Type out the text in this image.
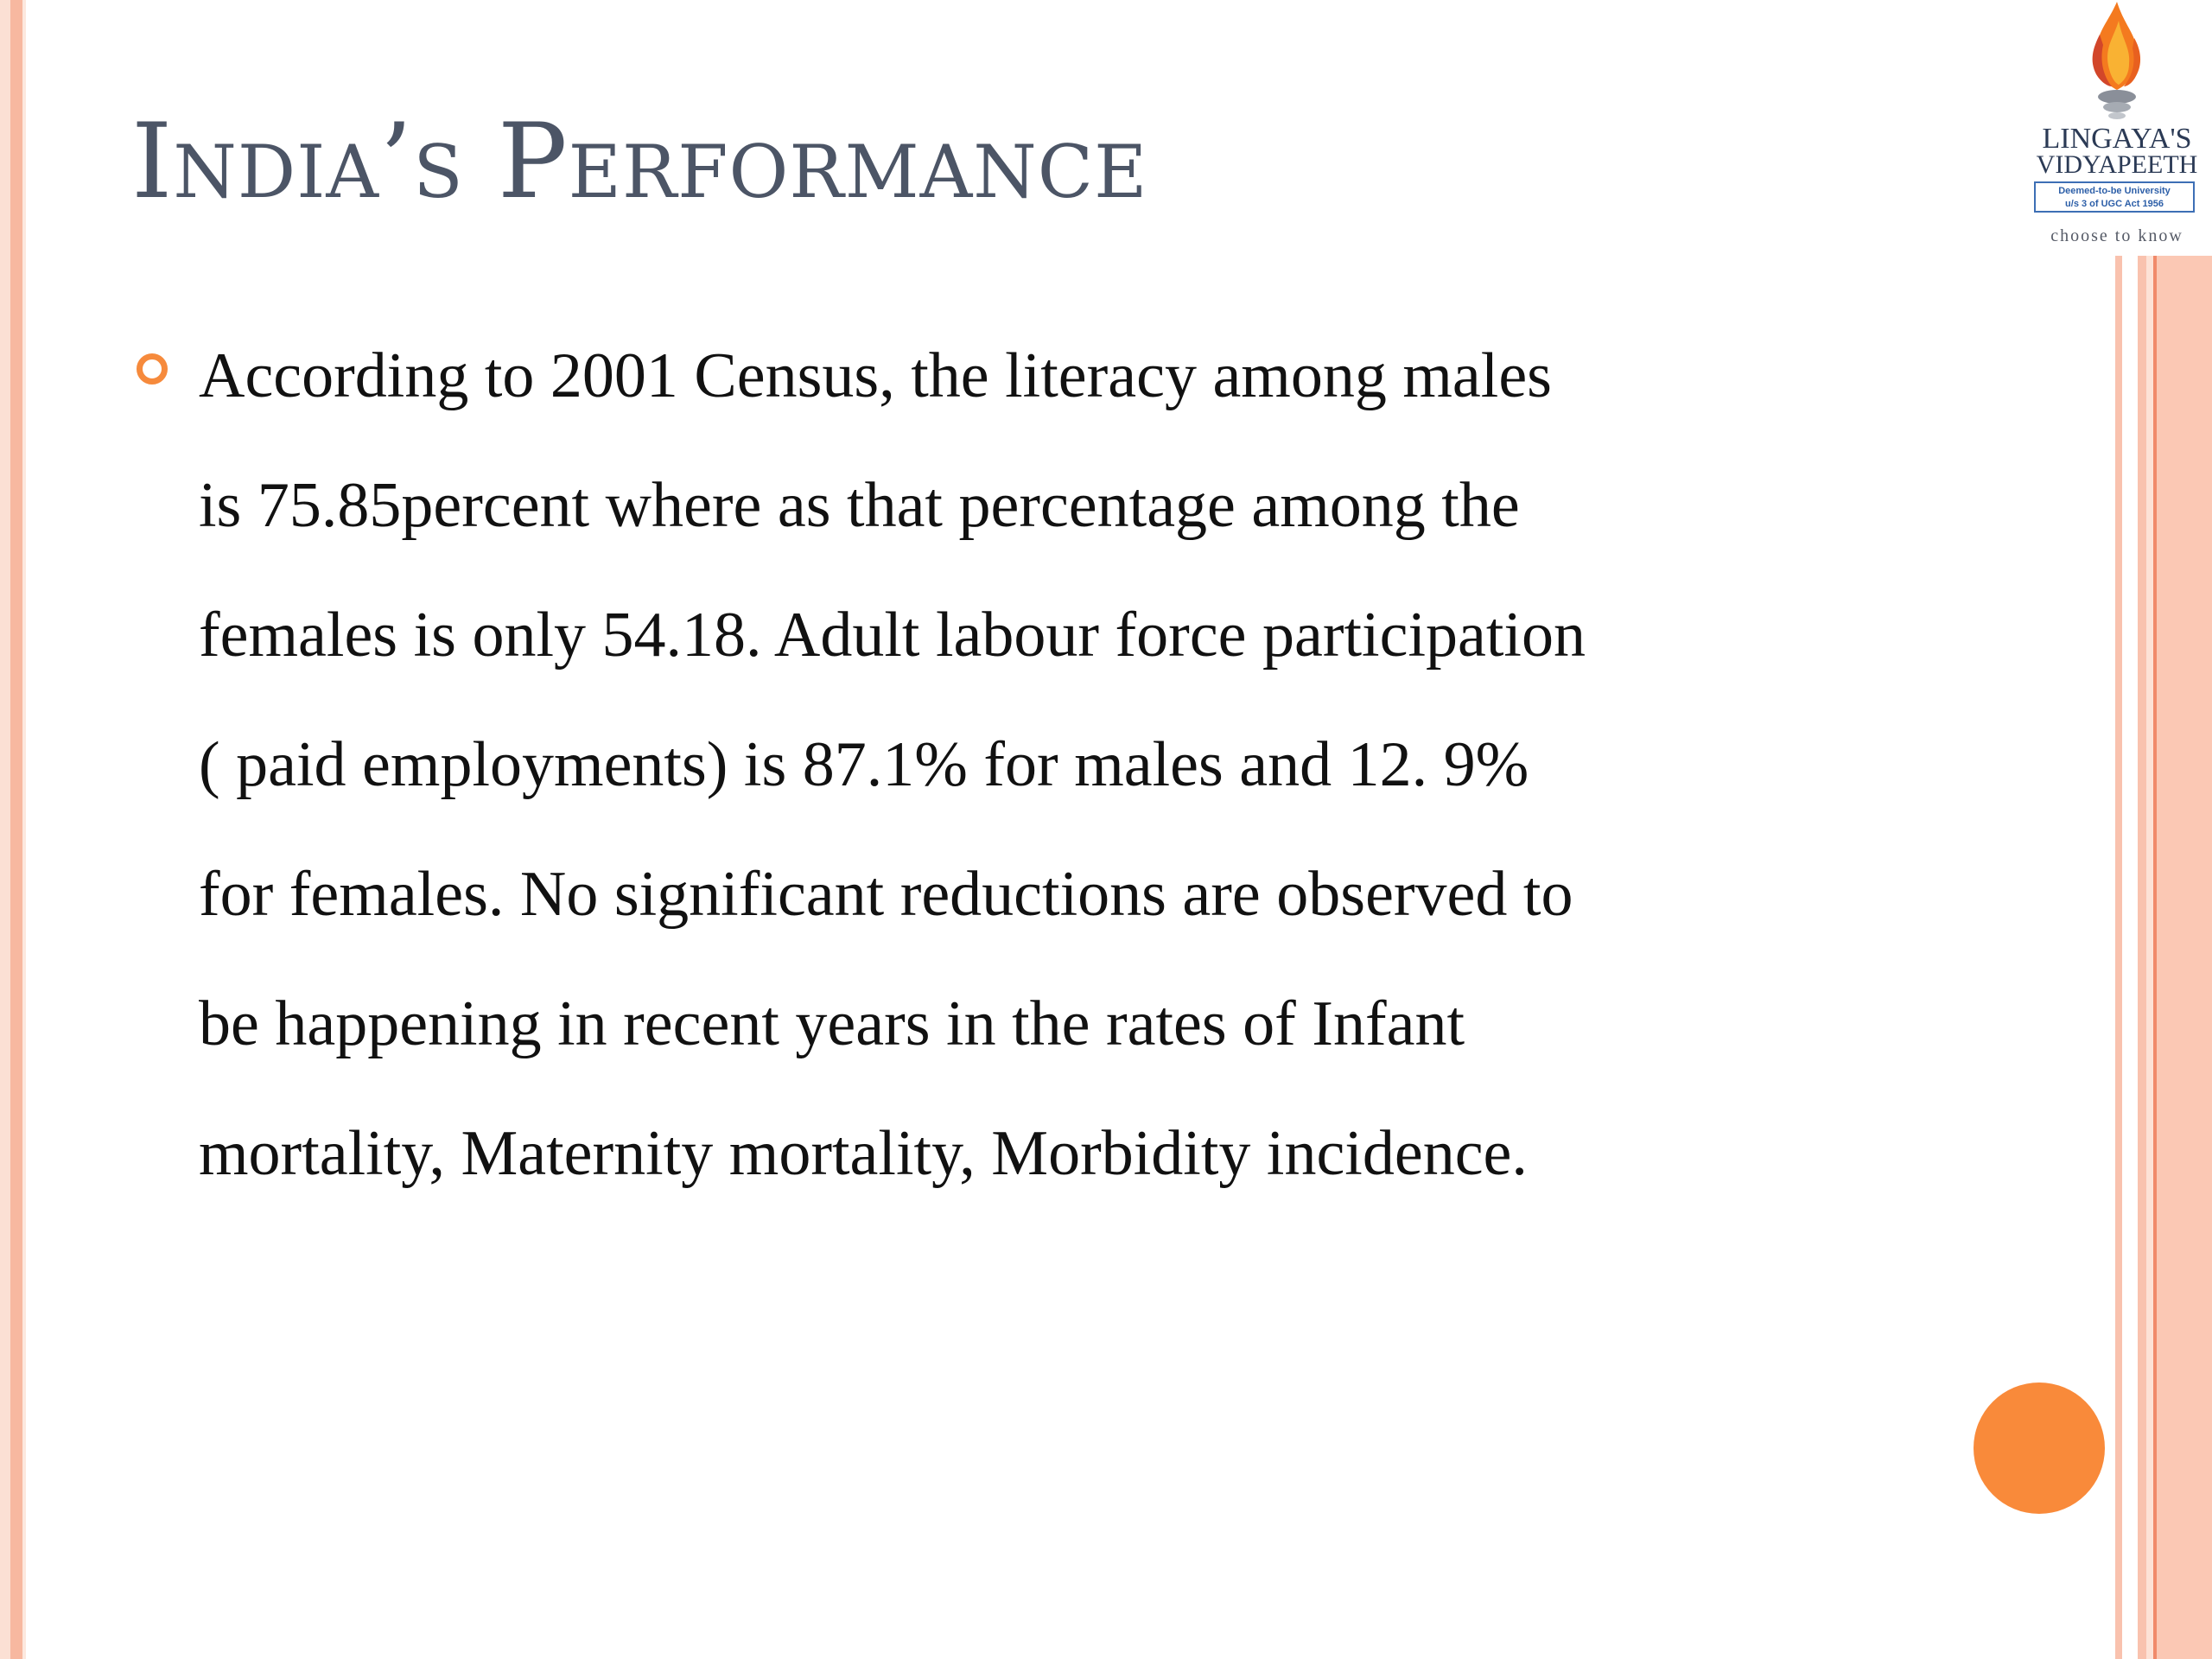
India’s Performance	LINGAYA'S
VIDYAPEETH
Deemed-to-be University
u/s 3 of UGC Act 1956
choose to know
According to 2001 Census, the literacy among males
is 75.85percent where as that percentage among the
females is only 54.18. Adult labour force participation
( paid employments) is 87.1% for males and 12. 9%
for females. No significant reductions are observed to
be happening in recent years in the rates of Infant
mortality, Maternity mortality, Morbidity incidence.
